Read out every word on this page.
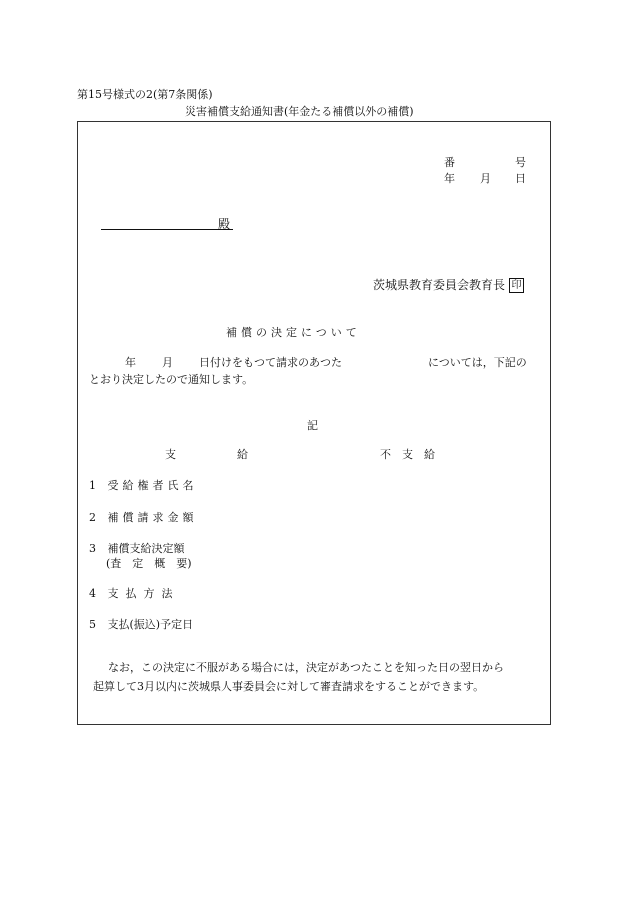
第15号様式の2(第7条関係)
災害補償支給通知書(年金たる補償以外の補償)
番	号
年 月 日
殿
茨城県教育委員会教育長 印
補償の決定について
年 月 日付けをもつて請求のあつた	については，下記の
とおり決定したので通知します。
記
支	給	不　支　給
1 受給権者氏名
2 補償請求金額
3 補償支給決定額
(査　定　概　要)
4 支払方法
5 支払(振込)予定日
なお，この決定に不服がある場合には，決定があつたことを知った日の翌日から
起算して3月以内に茨城県人事委員会に対して審査請求をすることができます。
